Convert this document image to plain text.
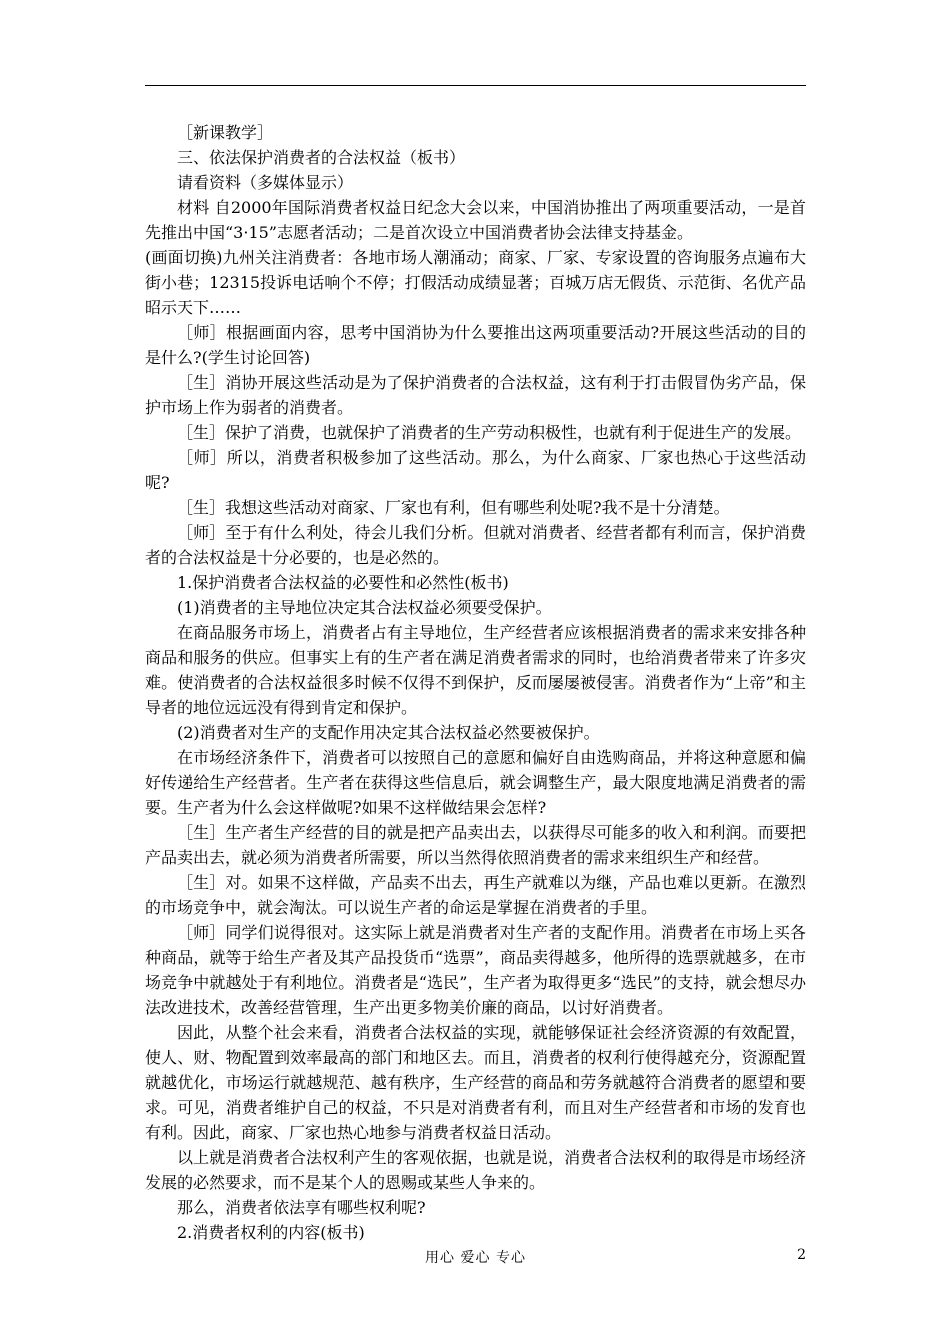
［新课教学］

三、依法保护消费者的合法权益（板书）

请看资料（多媒体显示）

材料 自2000年国际消费者权益日纪念大会以来，中国消协推出了两项重要活动，一是首先推出中国“3·15”志愿者活动；二是首次设立中国消费者协会法律支持基金。

(画面切换)九州关注消费者：各地市场人潮涌动；商家、厂家、专家设置的咨询服务点遍布大街小巷；12315投诉电话响个不停；打假活动成绩显著；百城万店无假货、示范街、名优产品昭示天下……

［师］根据画面内容，思考中国消协为什么要推出这两项重要活动?开展这些活动的目的是什么?(学生讨论回答)

［生］消协开展这些活动是为了保护消费者的合法权益，这有利于打击假冒伪劣产品，保护市场上作为弱者的消费者。

［生］保护了消费，也就保护了消费者的生产劳动积极性，也就有利于促进生产的发展。

［师］所以，消费者积极参加了这些活动。那么，为什么商家、厂家也热心于这些活动呢?

［生］我想这些活动对商家、厂家也有利，但有哪些利处呢?我不是十分清楚。

［师］至于有什么利处，待会儿我们分析。但就对消费者、经营者都有利而言，保护消费者的合法权益是十分必要的，也是必然的。

1.保护消费者合法权益的必要性和必然性(板书)

(1)消费者的主导地位决定其合法权益必须要受保护。

在商品服务市场上，消费者占有主导地位，生产经营者应该根据消费者的需求来安排各种商品和服务的供应。但事实上有的生产者在满足消费者需求的同时，也给消费者带来了许多灾难。使消费者的合法权益很多时候不仅得不到保护，反而屡屡被侵害。消费者作为“上帝”和主导者的地位远远没有得到肯定和保护。

(2)消费者对生产的支配作用决定其合法权益必然要被保护。

在市场经济条件下，消费者可以按照自己的意愿和偏好自由选购商品，并将这种意愿和偏好传递给生产经营者。生产者在获得这些信息后，就会调整生产，最大限度地满足消费者的需要。生产者为什么会这样做呢?如果不这样做结果会怎样?

［生］生产者生产经营的目的就是把产品卖出去，以获得尽可能多的收入和利润。而要把产品卖出去，就必须为消费者所需要，所以当然得依照消费者的需求来组织生产和经营。

［生］对。如果不这样做，产品卖不出去，再生产就难以为继，产品也难以更新。在激烈的市场竞争中，就会淘汰。可以说生产者的命运是掌握在消费者的手里。

［师］同学们说得很对。这实际上就是消费者对生产者的支配作用。消费者在市场上买各种商品，就等于给生产者及其产品投货币“选票”，商品卖得越多，他所得的选票就越多，在市场竞争中就越处于有利地位。消费者是“选民”，生产者为取得更多“选民”的支持，就会想尽办法改进技术，改善经营管理，生产出更多物美价廉的商品，以讨好消费者。

因此，从整个社会来看，消费者合法权益的实现，就能够保证社会经济资源的有效配置，使人、财、物配置到效率最高的部门和地区去。而且，消费者的权利行使得越充分，资源配置就越优化，市场运行就越规范、越有秩序，生产经营的商品和劳务就越符合消费者的愿望和要求。可见，消费者维护自己的权益，不只是对消费者有利，而且对生产经营者和市场的发育也有利。因此，商家、厂家也热心地参与消费者权益日活动。

以上就是消费者合法权利产生的客观依据，也就是说，消费者合法权利的取得是市场经济发展的必然要求，而不是某个人的恩赐或某些人争来的。

那么，消费者依法享有哪些权利呢?

2.消费者权利的内容(板书)

用心 爱心 专心	2
